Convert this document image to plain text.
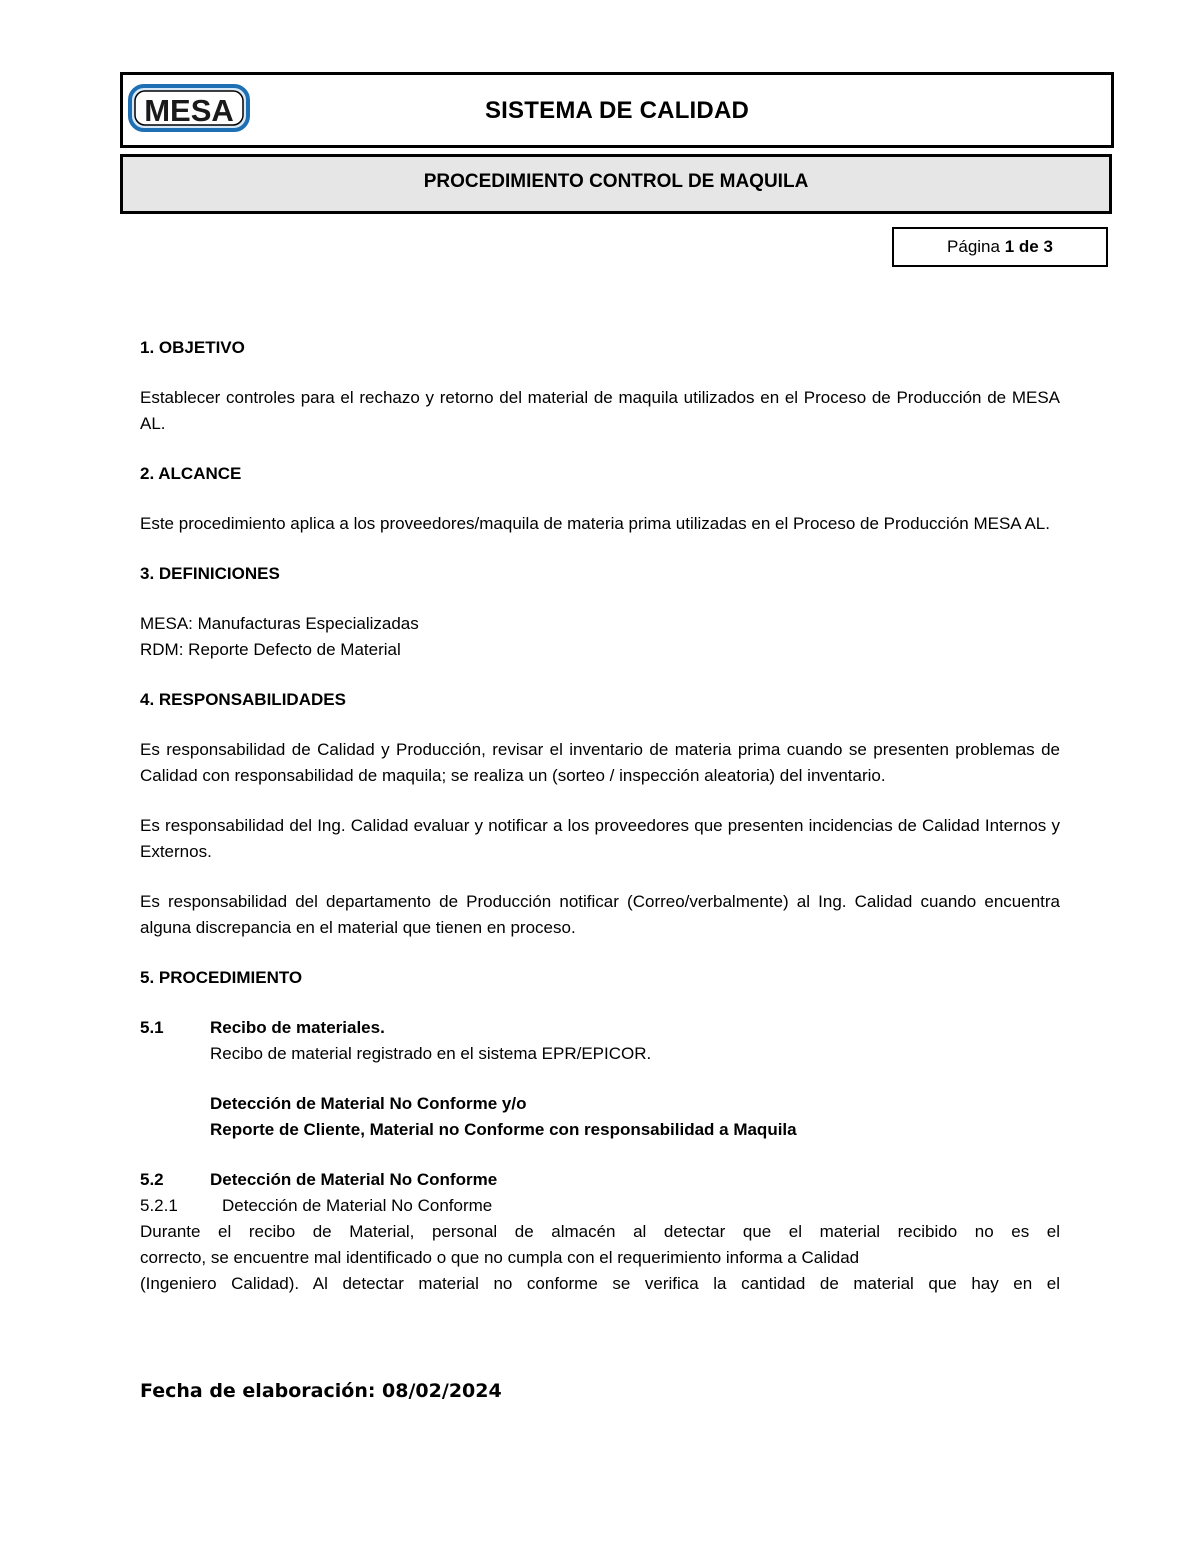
MESA	SISTEMA DE CALIDAD
PROCEDIMIENTO CONTROL DE MAQUILA
Página 1 de 3

1. OBJETIVO

Establecer controles para el rechazo y retorno del material de maquila utilizados en el Proceso de Producción de MESA AL.

2. ALCANCE

Este procedimiento aplica a los proveedores/maquila de materia prima utilizadas en el Proceso de Producción MESA AL.

3. DEFINICIONES

MESA: Manufacturas Especializadas

RDM: Reporte Defecto de Material

4. RESPONSABILIDADES

Es responsabilidad de Calidad y Producción, revisar el inventario de materia prima cuando se presenten problemas de Calidad con responsabilidad de maquila; se realiza un (sorteo / inspección aleatoria) del inventario.

Es responsabilidad del Ing. Calidad evaluar y notificar a los proveedores que presenten incidencias de Calidad Internos y Externos.

Es responsabilidad del departamento de Producción notificar (Correo/verbalmente) al Ing. Calidad cuando encuentra alguna discrepancia en el material que tienen en proceso.

5. PROCEDIMIENTO

5.1	Recibo de materiales.

Recibo de material registrado en el sistema EPR/EPICOR.

Detección de Material No Conforme y/o

Reporte de Cliente, Material no Conforme con responsabilidad a Maquila

5.2	Detección de Material No Conforme
5.2.1	Detección de Material No Conforme

Durante el recibo de Material, personal de almacén al detectar que el material recibido no es el

correcto, se encuentre mal identificado o que no cumpla con el requerimiento informa a Calidad

(Ingeniero Calidad). Al detectar material no conforme se verifica la cantidad de material que hay en el

Fecha de elaboración: 08/02/2024
